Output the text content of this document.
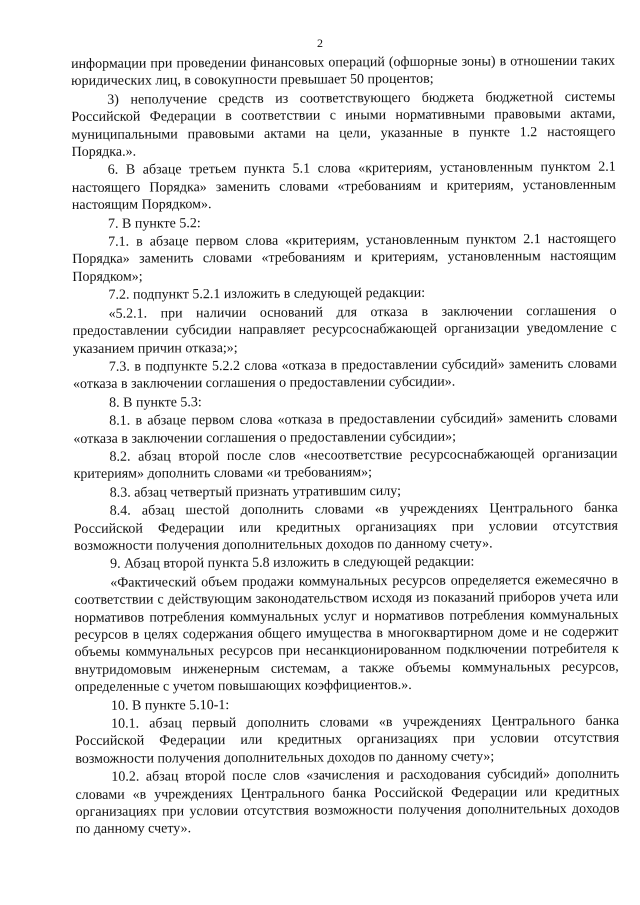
2

информации при проведении финансовых операций (офшорные зоны) в отношении таких юридических лиц, в совокупности превышает 50 процентов;

3) неполучение средств из соответствующего бюджета бюджетной системы Российской Федерации в соответствии с иными нормативными правовыми актами, муниципальными правовыми актами на цели, указанные в пункте 1.2 настоящего Порядка.».

6. В абзаце третьем пункта 5.1 слова «критериям, установленным пунктом 2.1 настоящего Порядка» заменить словами «требованиям и критериям, установленным настоящим Порядком».

7. В пункте 5.2:

7.1. в абзаце первом слова «критериям, установленным пунктом 2.1 настоящего Порядка» заменить словами «требованиям и критериям, установленным настоящим Порядком»;

7.2. подпункт 5.2.1 изложить в следующей редакции:

«5.2.1. при наличии оснований для отказа в заключении соглашения о предоставлении субсидии направляет ресурсоснабжающей организации уведомление с указанием причин отказа;»;

7.3. в подпункте 5.2.2 слова «отказа в предоставлении субсидий» заменить словами «отказа в заключении соглашения о предоставлении субсидии».

8. В пункте 5.3:

8.1. в абзаце первом слова «отказа в предоставлении субсидий» заменить словами «отказа в заключении соглашения о предоставлении субсидии»;

8.2. абзац второй после слов «несоответствие ресурсоснабжающей организации критериям» дополнить словами «и требованиям»;

8.3. абзац четвертый признать утратившим силу;

8.4. абзац шестой дополнить словами «в учреждениях Центрального банка Российской Федерации или кредитных организациях при условии отсутствия возможности получения дополнительных доходов по данному счету».

9. Абзац второй пункта 5.8 изложить в следующей редакции:

«Фактический объем продажи коммунальных ресурсов определяется ежемесячно в соответствии с действующим законодательством исходя из показаний приборов учета или нормативов потребления коммунальных услуг и нормативов потребления коммунальных ресурсов в целях содержания общего имущества в многоквартирном доме и не содержит объемы коммунальных ресурсов при несанкционированном подключении потребителя к внутридомовым инженерным системам, а также объемы коммунальных ресурсов, определенные с учетом повышающих коэффициентов.».

10. В пункте 5.10-1:

10.1. абзац первый дополнить словами «в учреждениях Центрального банка Российской Федерации или кредитных организациях при условии отсутствия возможности получения дополнительных доходов по данному счету»;

10.2. абзац второй после слов «зачисления и расходования субсидий» дополнить словами «в учреждениях Центрального банка Российской Федерации или кредитных организациях при условии отсутствия возможности получения дополнительных доходов по данному счету».
